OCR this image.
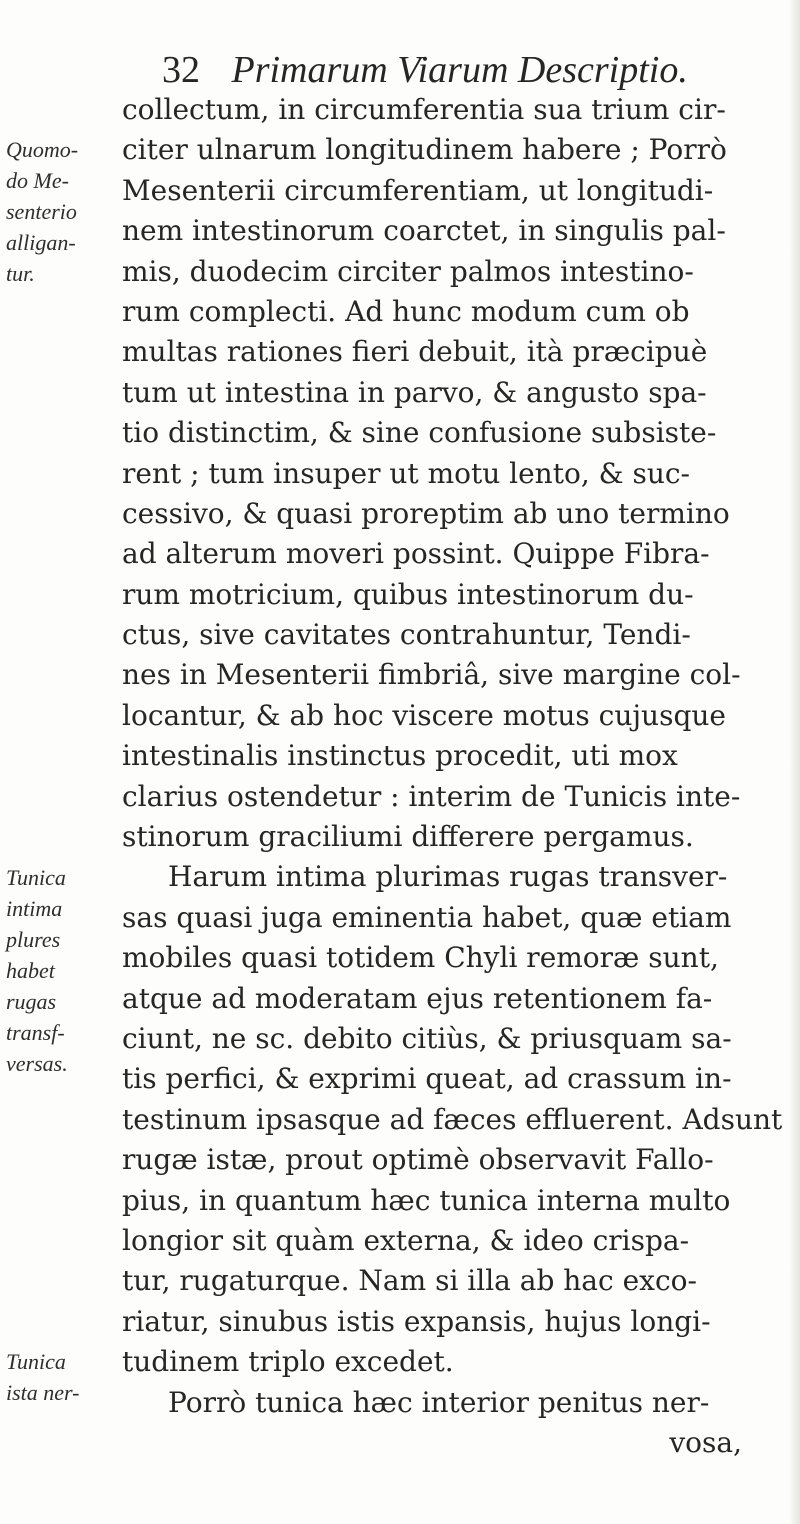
32 Primarum Viarum Descriptio.
collectum, in circumferentia sua trium cir-
citer ulnarum longitudinem habere ; Porrò
Mesenterii circumferentiam, ut longitudi-
nem intestinorum coarctet, in singulis pal-
mis, duodecim circiter palmos intestino-
rum complecti. Ad hunc modum cum ob
multas rationes fieri debuit, ità præcipuè
tum ut intestina in parvo, & angusto spa-
tio distinctim, & sine confusione subsiste-
rent ; tum insuper ut motu lento, & suc-
cessivo, & quasi proreptim ab uno termino
ad alterum moveri possint. Quippe Fibra-
rum motricium, quibus intestinorum du-
ctus, sive cavitates contrahuntur, Tendi-
nes in Mesenterii fimbriâ, sive margine col-
locantur, & ab hoc viscere motus cujusque
intestinalis instinctus procedit, uti mox
clarius ostendetur : interim de Tunicis inte-
stinorum graciliumi differere pergamus.
Harum intima plurimas rugas transver-
sas quasi juga eminentia habet, quæ etiam
mobiles quasi totidem Chyli remoræ sunt,
atque ad moderatam ejus retentionem fa-
ciunt, ne sc. debito citiùs, & priusquam sa-
tis perfici, & exprimi queat, ad crassum in-
testinum ipsasque ad fæces effluerent. Adsunt
rugæ istæ, prout optimè observavit Fallo-
pius, in quantum hæc tunica interna multo
longior sit quàm externa, & ideo crispa-
tur, rugaturque. Nam si illa ab hac exco-
riatur, sinubus istis expansis, hujus longi-
tudinem triplo excedet.
Porrò tunica hæc interior penitus ner-
vosa,
Quomo-
do Me-
senterio
alligan-
tur.
Tunica
intima
plures
habet
rugas
transf-
versas.
Tunica
ista ner-
